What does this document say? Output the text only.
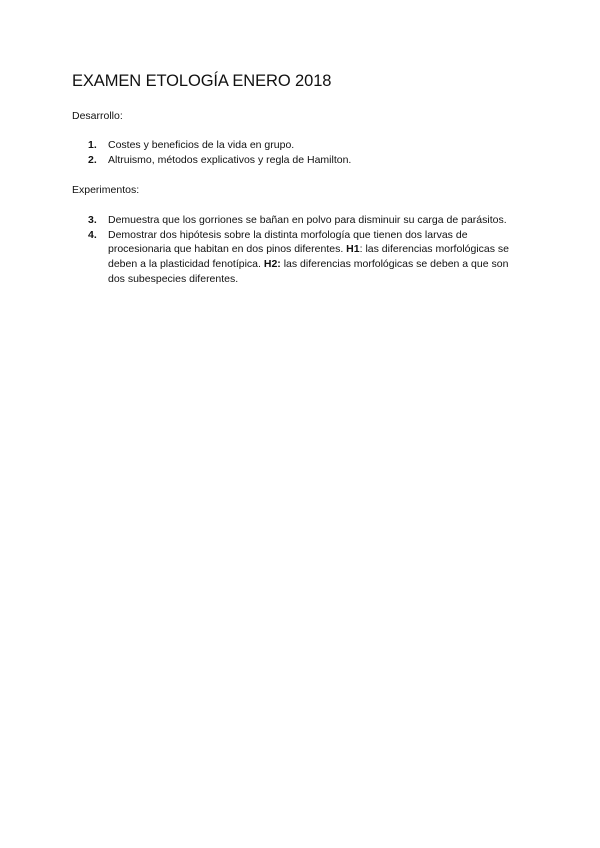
EXAMEN ETOLOGÍA ENERO 2018

Desarrollo:

1. Costes y beneficios de la vida en grupo.
2. Altruismo, métodos explicativos y regla de Hamilton.

Experimentos:

3. Demuestra que los gorriones se bañan en polvo para disminuir su carga de parásitos.
4. Demostrar dos hipótesis sobre la distinta morfología que tienen dos larvas de procesionaria que habitan en dos pinos diferentes. H1: las diferencias morfológicas se deben a la plasticidad fenotípica. H2: las diferencias morfológicas se deben a que son dos subespecies diferentes.
